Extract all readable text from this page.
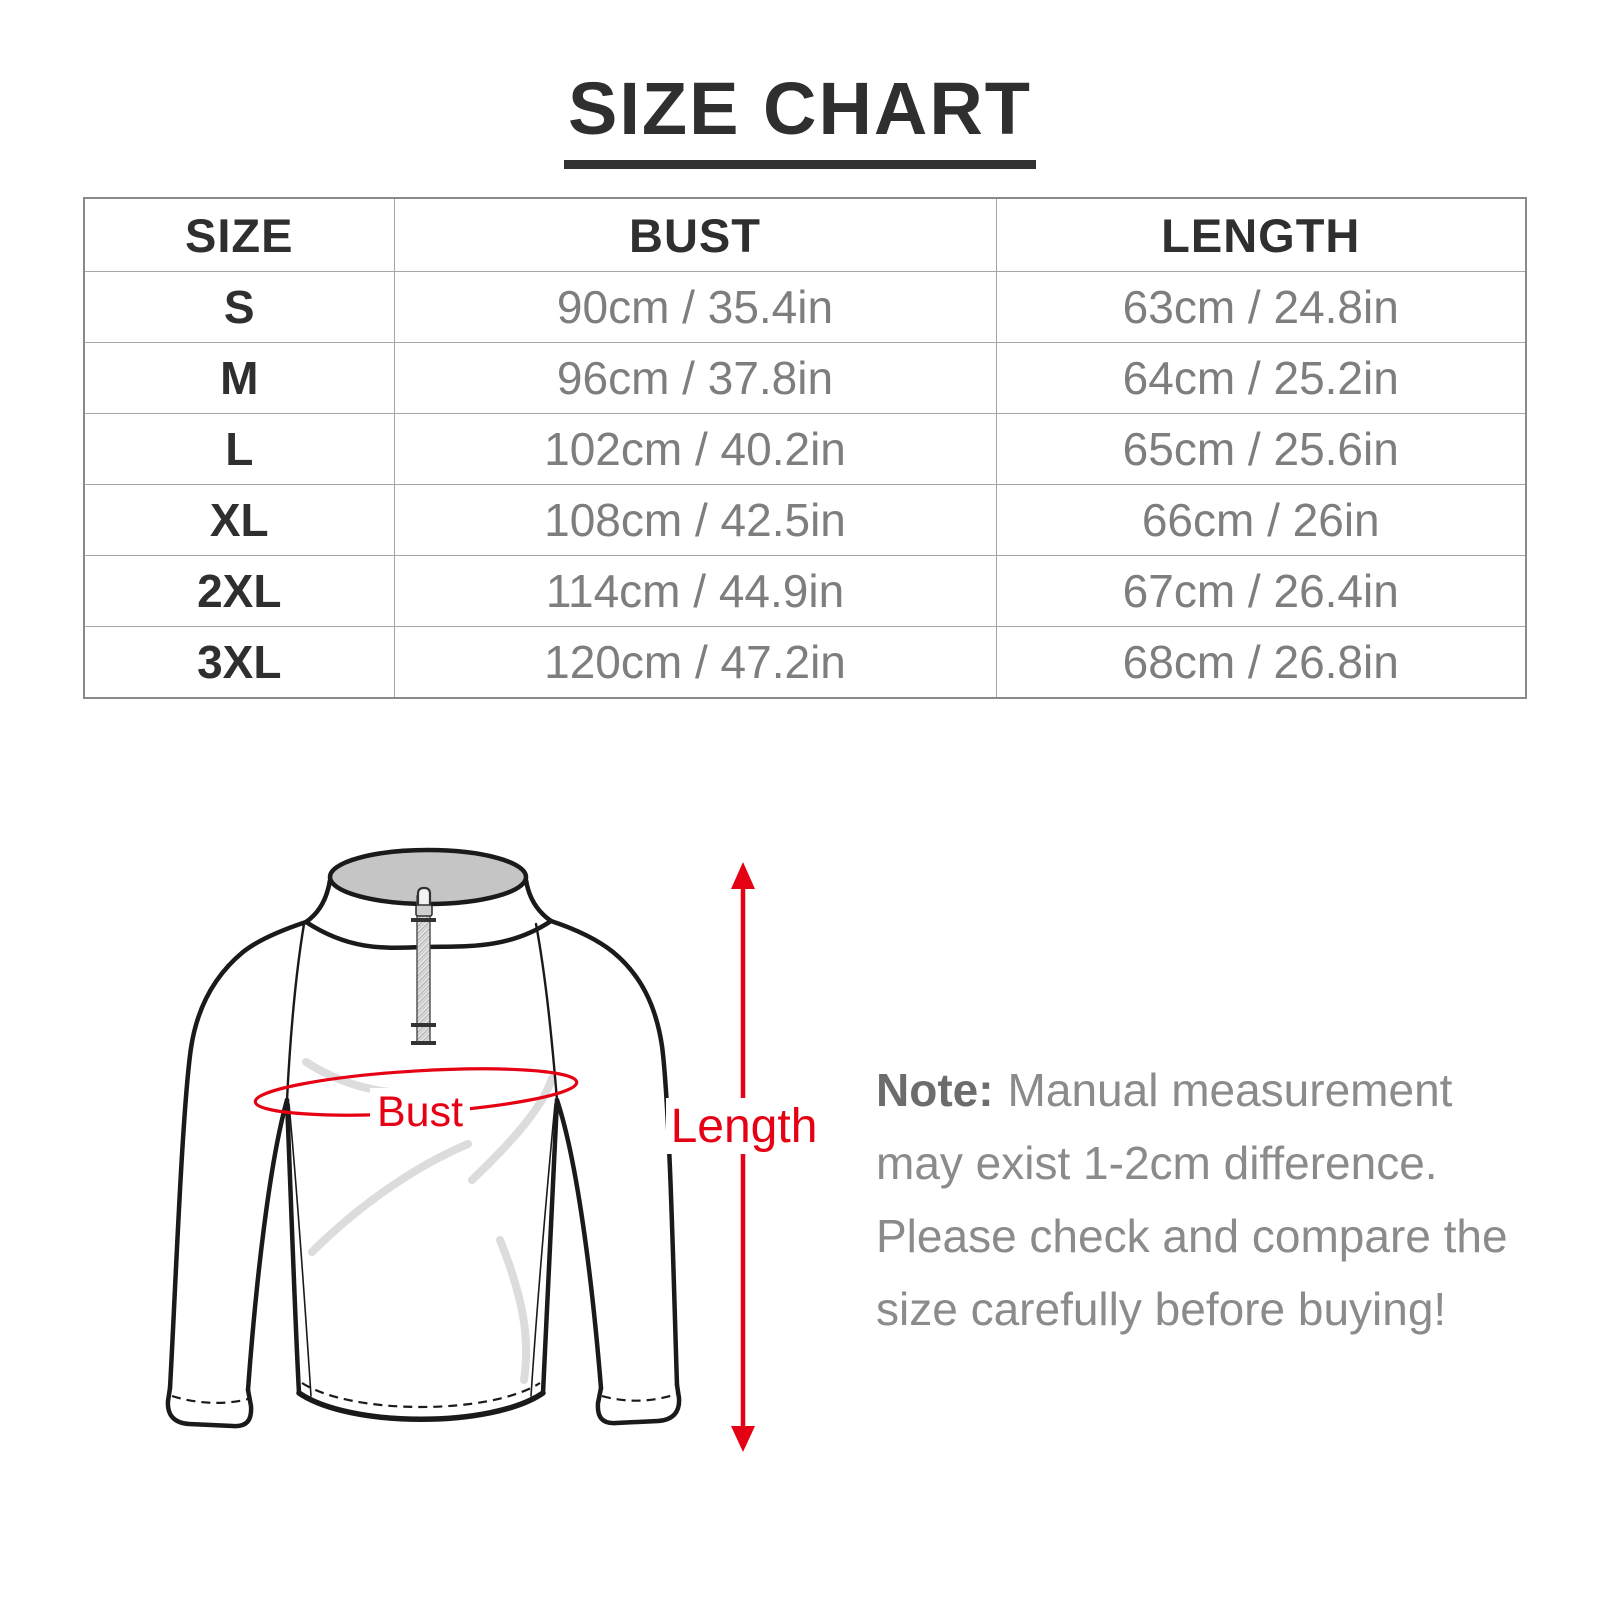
SIZE CHART
SIZE	BUST	LENGTH
S	90cm / 35.4in	63cm / 24.8in
M	96cm / 37.8in	64cm / 25.2in
L	102cm / 40.2in	65cm / 25.6in
XL	108cm / 42.5in	66cm / 26in
2XL	114cm / 44.9in	67cm / 26.4in
3XL	120cm / 47.2in	68cm / 26.8in
Bust	Length

Note: Manual measurement may exist 1-2cm difference. Please check and compare the size carefully before buying!
